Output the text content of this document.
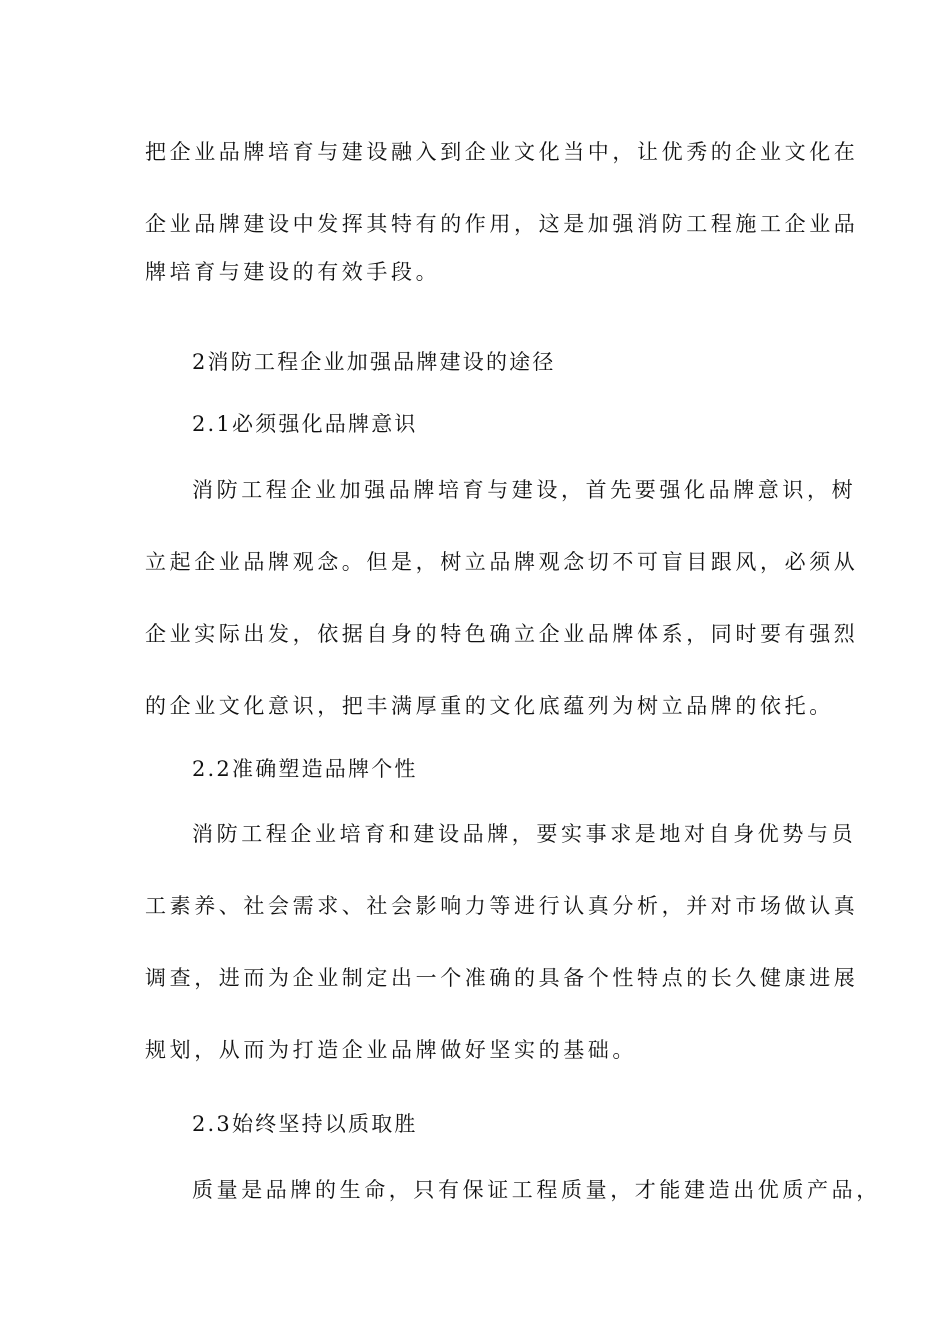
把企业品牌培育与建设融入到企业文化当中，让优秀的企业文化在
企业品牌建设中发挥其特有的作用，这是加强消防工程施工企业品
牌培育与建设的有效手段。
2消防工程企业加强品牌建设的途径
2.1必须强化品牌意识
消防工程企业加强品牌培育与建设，首先要强化品牌意识，树
立起企业品牌观念。但是，树立品牌观念切不可盲目跟风，必须从
企业实际出发，依据自身的特色确立企业品牌体系，同时要有强烈
的企业文化意识，把丰满厚重的文化底蕴列为树立品牌的依托。
2.2准确塑造品牌个性
消防工程企业培育和建设品牌，要实事求是地对自身优势与员
工素养、社会需求、社会影响力等进行认真分析，并对市场做认真
调查，进而为企业制定出一个准确的具备个性特点的长久健康进展
规划，从而为打造企业品牌做好坚实的基础。
2.3始终坚持以质取胜
质量是品牌的生命，只有保证工程质量，才能建造出优质产品，
